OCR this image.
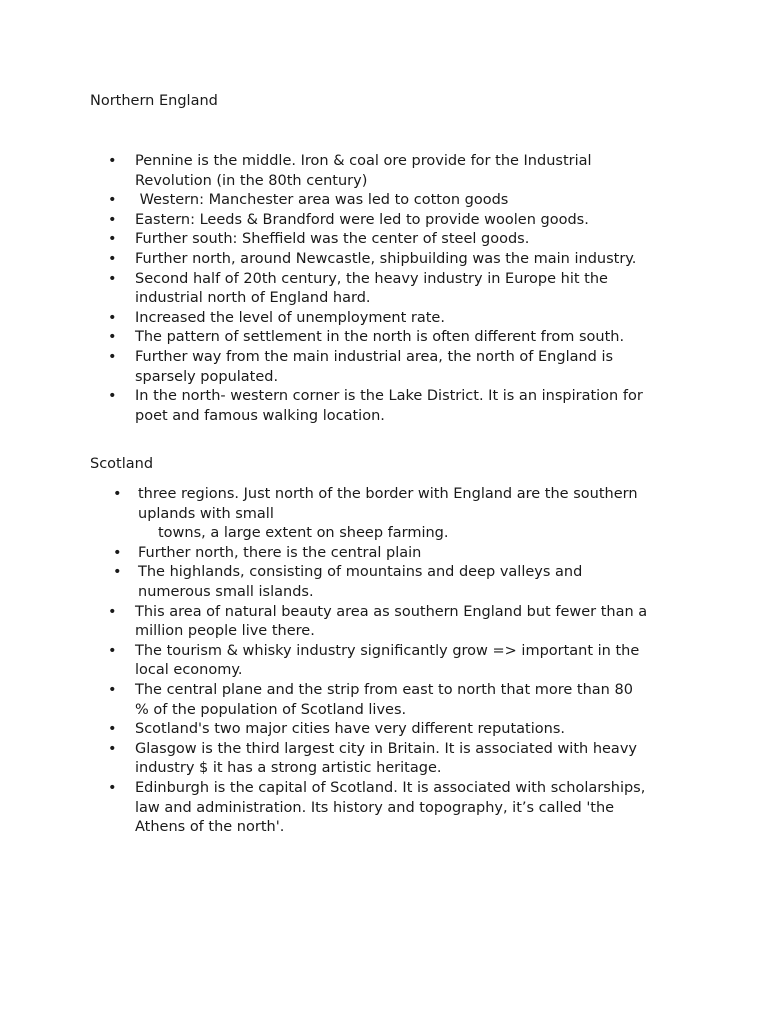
Northern England
• Pennine is the middle. Iron & coal ore provide for the Industrial Revolution (in the 80th century)
• Western: Manchester area was led to cotton goods
• Eastern: Leeds & Brandford were led to provide woolen goods.
• Further south: Sheffield was the center of steel goods.
• Further north, around Newcastle, shipbuilding was the main industry.
• Second half of 20th century, the heavy industry in Europe hit the industrial north of England hard.
• Increased the level of unemployment rate.
• The pattern of settlement in the north is often different from south.
• Further way from the main industrial area, the north of England is sparsely populated.
• In the north- western corner is the Lake District. It is an inspiration for poet and famous walking location.
Scotland
• three regions. Just north of the border with England are the southern uplands with small
towns, a large extent on sheep farming.
• Further north, there is the central plain
• The highlands, consisting of mountains and deep valleys and numerous small islands.
• This area of natural beauty area as southern England but fewer than a million people live there.
• The tourism & whisky industry significantly grow => important in the local economy.
• The central plane and the strip from east to north that more than 80 % of the population of Scotland lives.
• Scotland's two major cities have very different reputations.
• Glasgow is the third largest city in Britain. It is associated with heavy industry $ it has a strong artistic heritage.
• Edinburgh is the capital of Scotland. It is associated with scholarships, law and administration. Its history and topography, it’s called 'the Athens of the north'.
